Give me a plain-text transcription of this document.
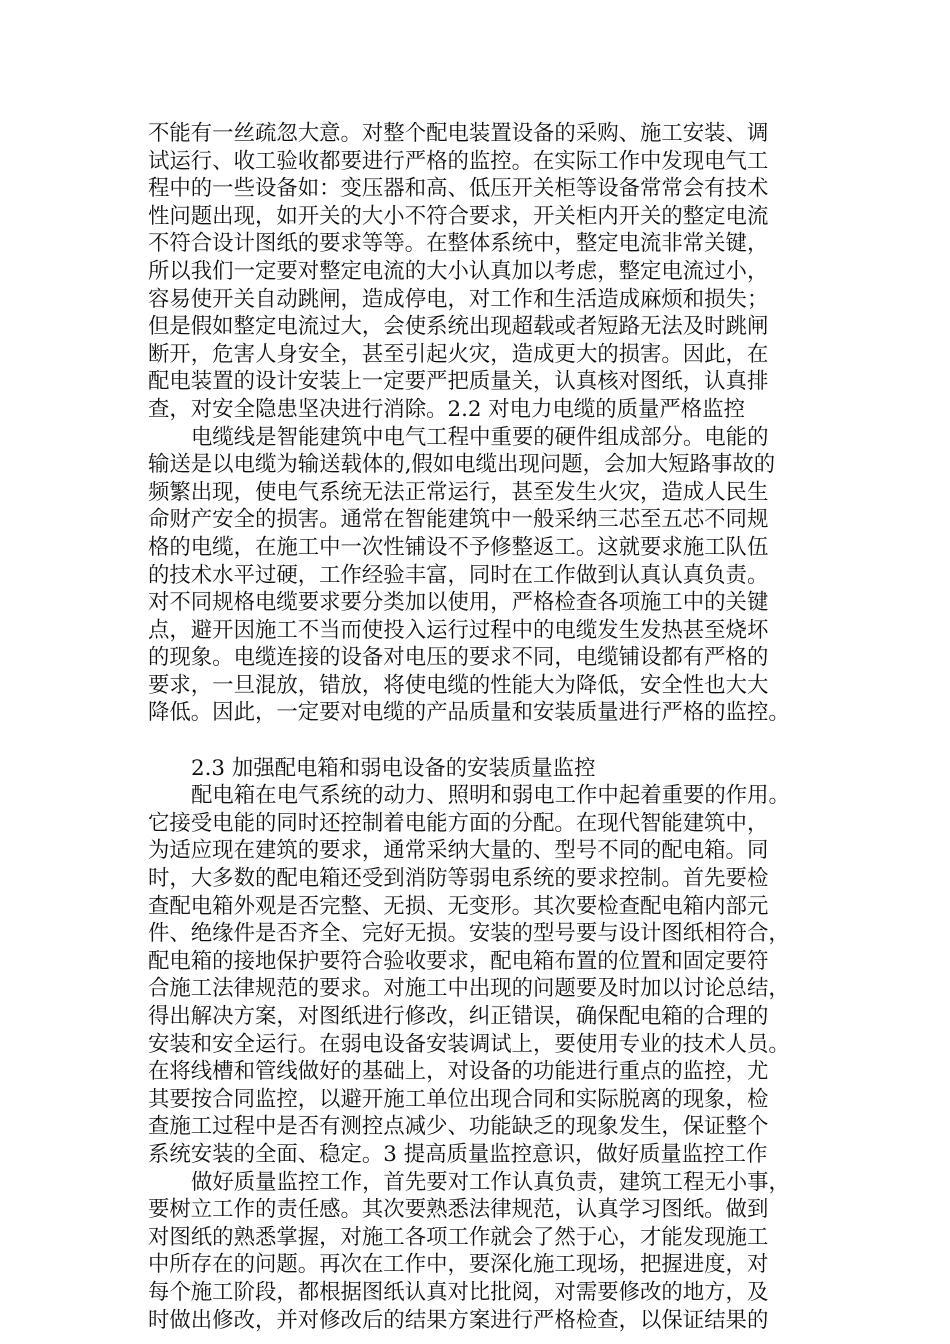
不能有一丝疏忽大意。对整个配电装置设备的采购、施工安装、调
试运行、收工验收都要进行严格的监控。在实际工作中发现电气工
程中的一些设备如：变压器和高、低压开关柜等设备常常会有技术
性问题出现，如开关的大小不符合要求，开关柜内开关的整定电流
不符合设计图纸的要求等等。在整体系统中，整定电流非常关键，
所以我们一定要对整定电流的大小认真加以考虑，整定电流过小，
容易使开关自动跳闸，造成停电，对工作和生活造成麻烦和损失；
但是假如整定电流过大，会使系统出现超载或者短路无法及时跳闸
断开，危害人身安全，甚至引起火灾，造成更大的损害。因此，在
配电装置的设计安装上一定要严把质量关，认真核对图纸，认真排
查，对安全隐患坚决进行消除。2.2 对电力电缆的质量严格监控
电缆线是智能建筑中电气工程中重要的硬件组成部分。电能的
输送是以电缆为输送载体的,假如电缆出现问题，会加大短路事故的
频繁出现，使电气系统无法正常运行，甚至发生火灾，造成人民生
命财产安全的损害。通常在智能建筑中一般采纳三芯至五芯不同规
格的电缆，在施工中一次性铺设不予修整返工。这就要求施工队伍
的技术水平过硬，工作经验丰富，同时在工作做到认真认真负责。
对不同规格电缆要求要分类加以使用，严格检查各项施工中的关键
点，避开因施工不当而使投入运行过程中的电缆发生发热甚至烧坏
的现象。电缆连接的设备对电压的要求不同，电缆铺设都有严格的
要求，一旦混放，错放，将使电缆的性能大为降低，安全性也大大
降低。因此，一定要对电缆的产品质量和安装质量进行严格的监控。
2.3 加强配电箱和弱电设备的安装质量监控
配电箱在电气系统的动力、照明和弱电工作中起着重要的作用。
它接受电能的同时还控制着电能方面的分配。在现代智能建筑中，
为适应现在建筑的要求，通常采纳大量的、型号不同的配电箱。同
时，大多数的配电箱还受到消防等弱电系统的要求控制。首先要检
查配电箱外观是否完整、无损、无变形。其次要检查配电箱内部元
件、绝缘件是否齐全、完好无损。安装的型号要与设计图纸相符合，
配电箱的接地保护要符合验收要求，配电箱布置的位置和固定要符
合施工法律规范的要求。对施工中出现的问题要及时加以讨论总结，
得出解决方案，对图纸进行修改，纠正错误，确保配电箱的合理的
安装和安全运行。在弱电设备安装调试上，要使用专业的技术人员。
在将线槽和管线做好的基础上，对设备的功能进行重点的监控，尤
其要按合同监控，以避开施工单位出现合同和实际脱离的现象，检
查施工过程中是否有测控点减少、功能缺乏的现象发生，保证整个
系统安装的全面、稳定。3 提高质量监控意识，做好质量监控工作
做好质量监控工作，首先要对工作认真负责，建筑工程无小事，
要树立工作的责任感。其次要熟悉法律规范，认真学习图纸。做到
对图纸的熟悉掌握，对施工各项工作就会了然于心，才能发现施工
中所存在的问题。再次在工作中，要深化施工现场，把握进度，对
每个施工阶段，都根据图纸认真对比批阅，对需要修改的地方，及
时做出修改，并对修改后的结果方案进行严格检查，以保证结果的
